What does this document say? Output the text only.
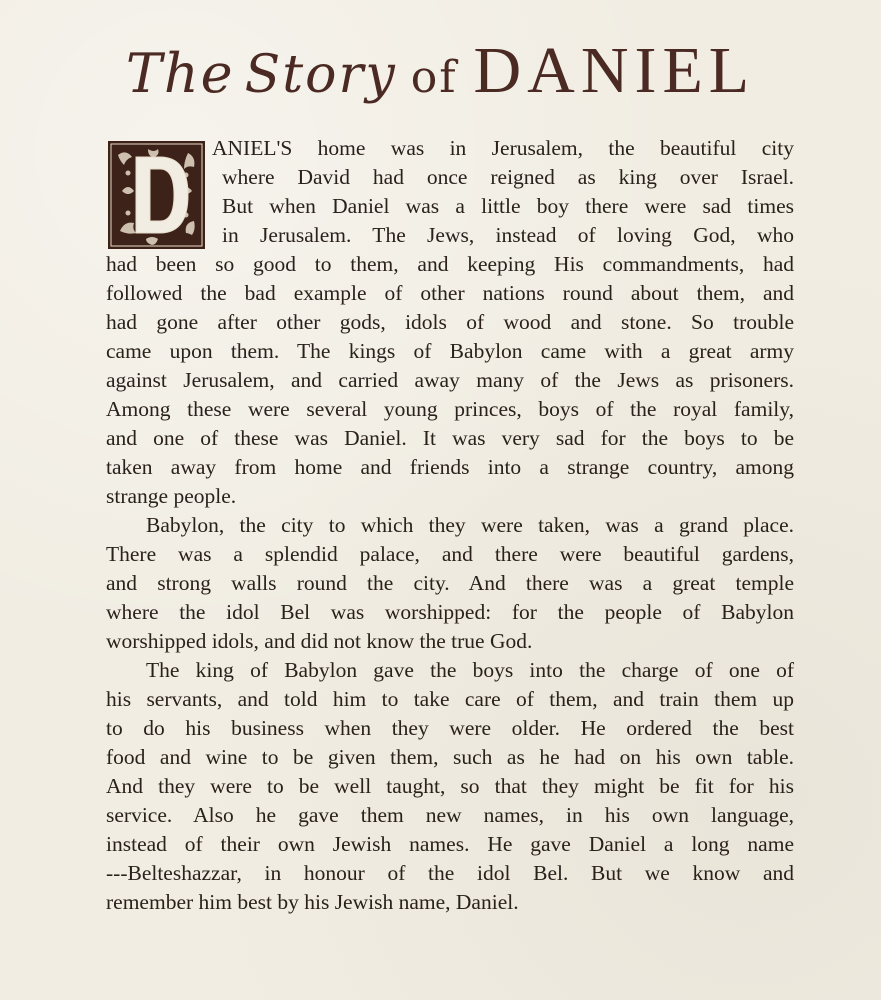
The Story of DANIEL
ANIEL'S home was in Jerusalem, the beautiful city
where David had once reigned as king over Israel.
But when Daniel was a little boy there were sad times
in Jerusalem. The Jews, instead of loving God, who
had been so good to them, and keeping His commandments, had
followed the bad example of other nations round about them, and
had gone after other gods, idols of wood and stone. So trouble
came upon them. The kings of Babylon came with a great army
against Jerusalem, and carried away many of the Jews as prisoners.
Among these were several young princes, boys of the royal family,
and one of these was Daniel. It was very sad for the boys to be
taken away from home and friends into a strange country, among
strange people.
Babylon, the city to which they were taken, was a grand place.
There was a splendid palace, and there were beautiful gardens,
and strong walls round the city. And there was a great temple
where the idol Bel was worshipped: for the people of Babylon
worshipped idols, and did not know the true God.
The king of Babylon gave the boys into the charge of one of
his servants, and told him to take care of them, and train them up
to do his business when they were older. He ordered the best
food and wine to be given them, such as he had on his own table.
And they were to be well taught, so that they might be fit for his
service. Also he gave them new names, in his own language,
instead of their own Jewish names. He gave Daniel a long name
---Belteshazzar, in honour of the idol Bel. But we know and
remember him best by his Jewish name, Daniel.
